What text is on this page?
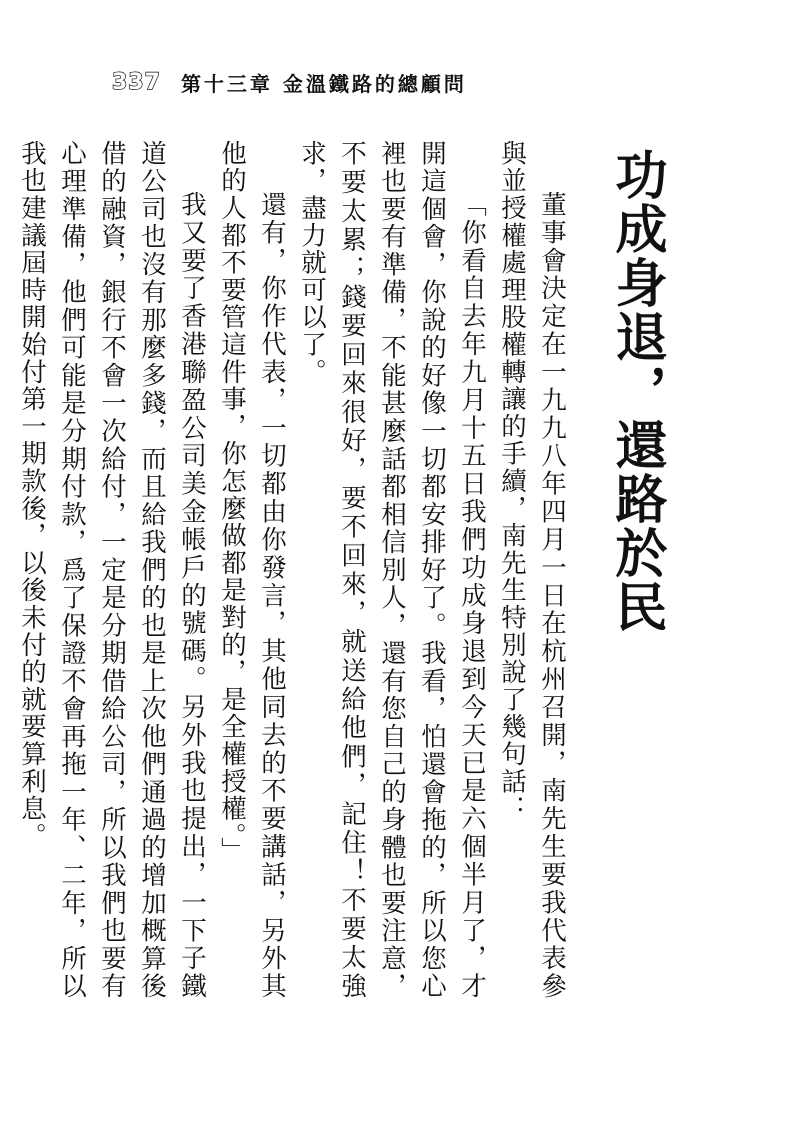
337	第十三章 金溫鐵路的總顧問
功成身退，還路於民

董事會決定在一九九八年四月一日在杭州召開，南先生要我代表參與並授權處理股權轉讓的手續，南先生特別說了幾句話：

「你看自去年九月十五日我們功成身退到今天已是六個半月了，才開這個會，你說的好像一切都安排好了。我看，怕還會拖的，所以您心裡也要有準備，不能甚麼話都相信別人，還有您自己的身體也要注意，不要太累；錢要回來很好，要不回來，就送給他們，記住！不要太強求，盡力就可以了。

還有，你作代表，一切都由你發言，其他同去的不要講話，另外其他的人都不要管這件事，你怎麼做都是對的，是全權授權。」

我又要了香港聯盈公司美金帳戶的號碼。另外我也提出，一下子鐵道公司也沒有那麼多錢，而且給我們的也是上次他們通過的增加概算後借的融資，銀行不會一次給付，一定是分期借給公司，所以我們也要有心理準備，他們可能是分期付款，爲了保證不會再拖一年、二年，所以我也建議屆時開始付第一期款後，以後未付的就要算利息。
